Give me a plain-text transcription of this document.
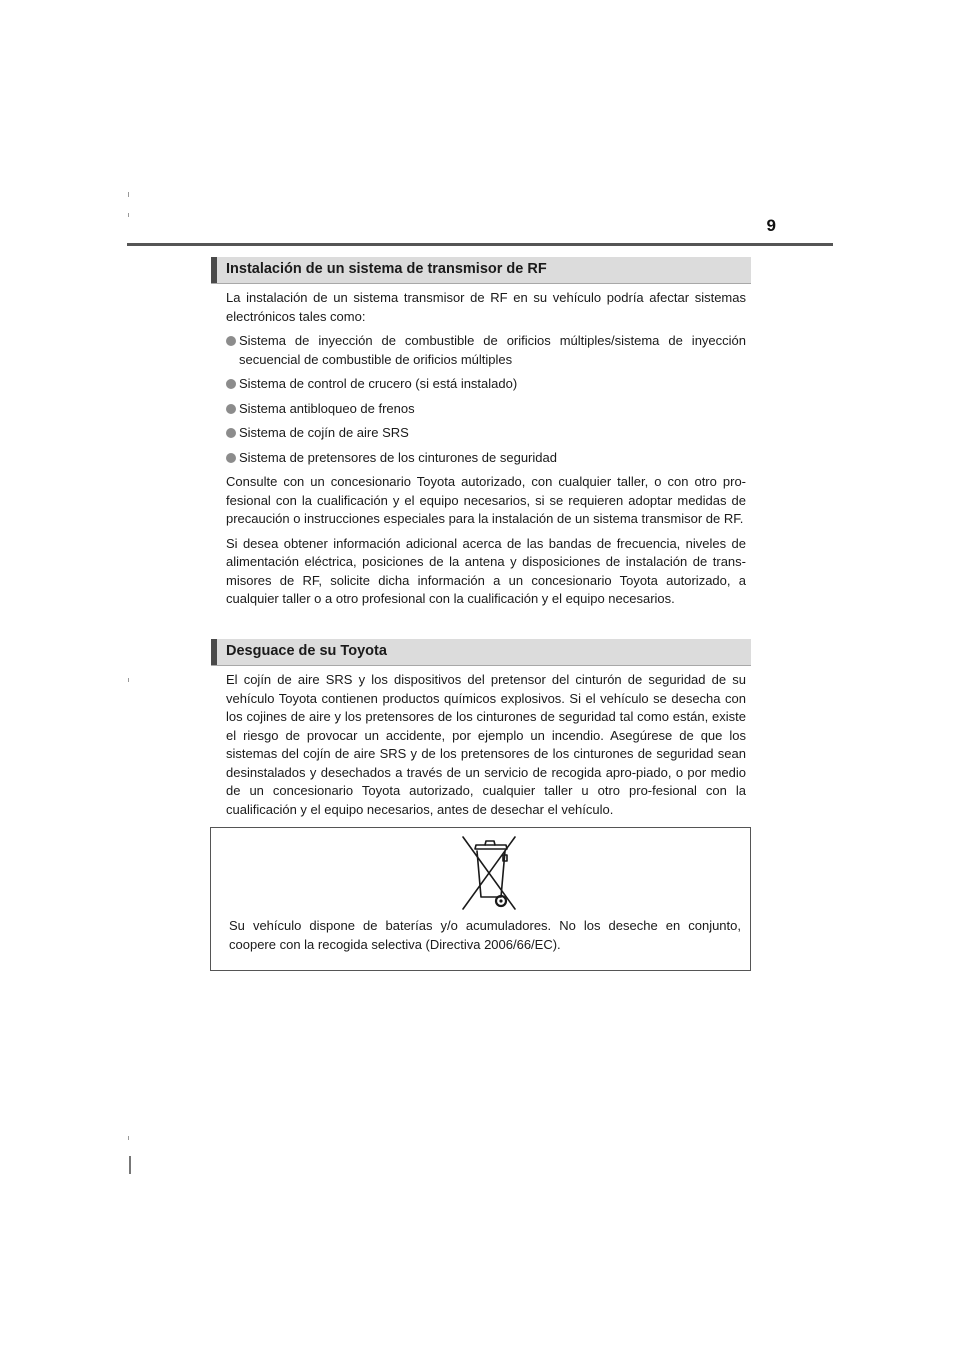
9
Instalación de un sistema de transmisor de RF

La instalación de un sistema transmisor de RF en su vehículo podría afectar sistemas electrónicos tales como:

Sistema de inyección de combustible de orificios múltiples/sistema de inyección secuencial de combustible de orificios múltiples
Sistema de control de crucero (si está instalado)
Sistema antibloqueo de frenos
Sistema de cojín de aire SRS
Sistema de pretensores de los cinturones de seguridad

Consulte con un concesionario Toyota autorizado, con cualquier taller, o con otro pro-fesional con la cualificación y el equipo necesarios, si se requieren adoptar medidas de precaución o instrucciones especiales para la instalación de un sistema transmisor de RF.

Si desea obtener información adicional acerca de las bandas de frecuencia, niveles de alimentación eléctrica, posiciones de la antena y disposiciones de instalación de trans-misores de RF, solicite dicha información a un concesionario Toyota autorizado, a cualquier taller o a otro profesional con la cualificación y el equipo necesarios.

Desguace de su Toyota

El cojín de aire SRS y los dispositivos del pretensor del cinturón de seguridad de su vehículo Toyota contienen productos químicos explosivos. Si el vehículo se desecha con los cojines de aire y los pretensores de los cinturones de seguridad tal como están, existe el riesgo de provocar un accidente, por ejemplo un incendio. Asegúrese de que los sistemas del cojín de aire SRS y de los pretensores de los cinturones de seguridad sean desinstalados y desechados a través de un servicio de recogida apro-piado, o por medio de un concesionario Toyota autorizado, cualquier taller u otro pro-fesional con la cualificación y el equipo necesarios, antes de desechar el vehículo.

Su vehículo dispone de baterías y/o acumuladores. No los deseche en conjunto, coopere con la recogida selectiva (Directiva 2006/66/EC).
